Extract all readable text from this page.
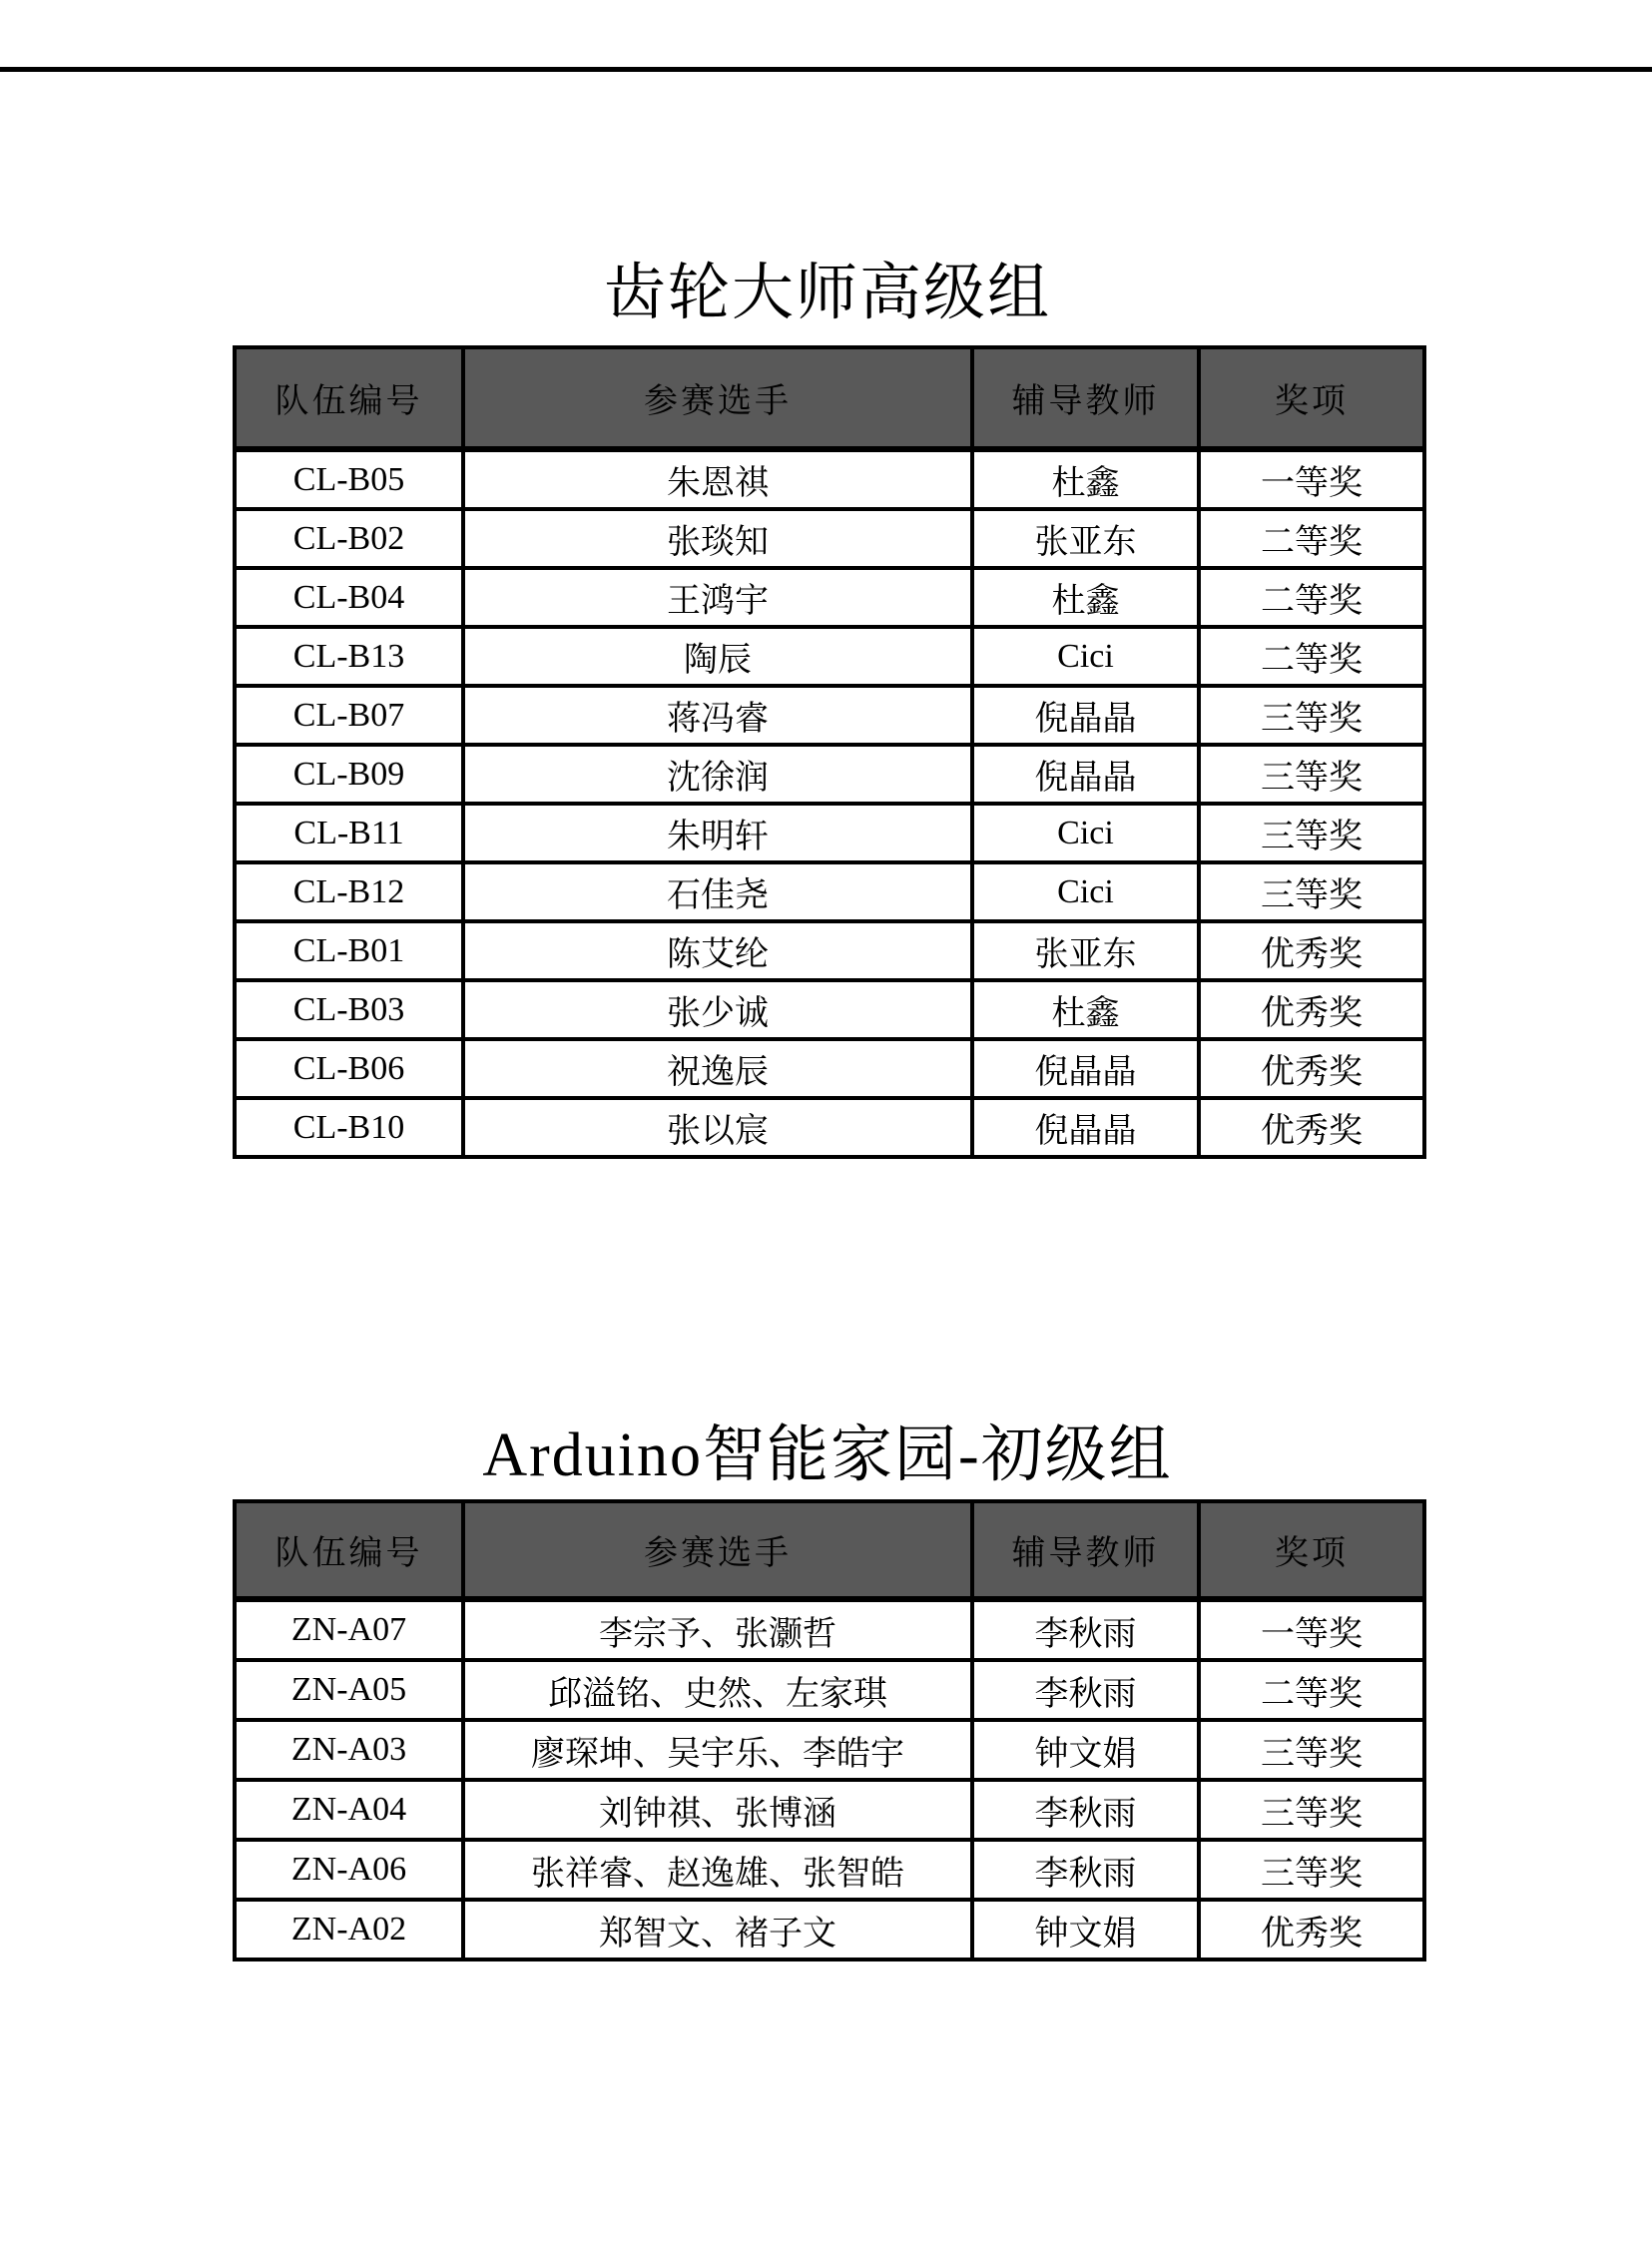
齿轮大师高级组
队伍编号	参赛选手	辅导教师	奖项
CL-B05	朱恩祺	杜鑫	一等奖
CL-B02	张琰知	张亚东	二等奖
CL-B04	王鸿宇	杜鑫	二等奖
CL-B13	陶辰	Cici	二等奖
CL-B07	蒋冯睿	倪晶晶	三等奖
CL-B09	沈徐润	倪晶晶	三等奖
CL-B11	朱明轩	Cici	三等奖
CL-B12	石佳尧	Cici	三等奖
CL-B01	陈艾纶	张亚东	优秀奖
CL-B03	张少诚	杜鑫	优秀奖
CL-B06	祝逸辰	倪晶晶	优秀奖
CL-B10	张以宸	倪晶晶	优秀奖
Arduino智能家园-初级组
队伍编号	参赛选手	辅导教师	奖项
ZN-A07	李宗予、张灏哲	李秋雨	一等奖
ZN-A05	邱溢铭、史然、左家琪	李秋雨	二等奖
ZN-A03	廖琛坤、吴宇乐、李皓宇	钟文娟	三等奖
ZN-A04	刘钟祺、张博涵	李秋雨	三等奖
ZN-A06	张祥睿、赵逸雄、张智皓	李秋雨	三等奖
ZN-A02	郑智文、褚子文	钟文娟	优秀奖
